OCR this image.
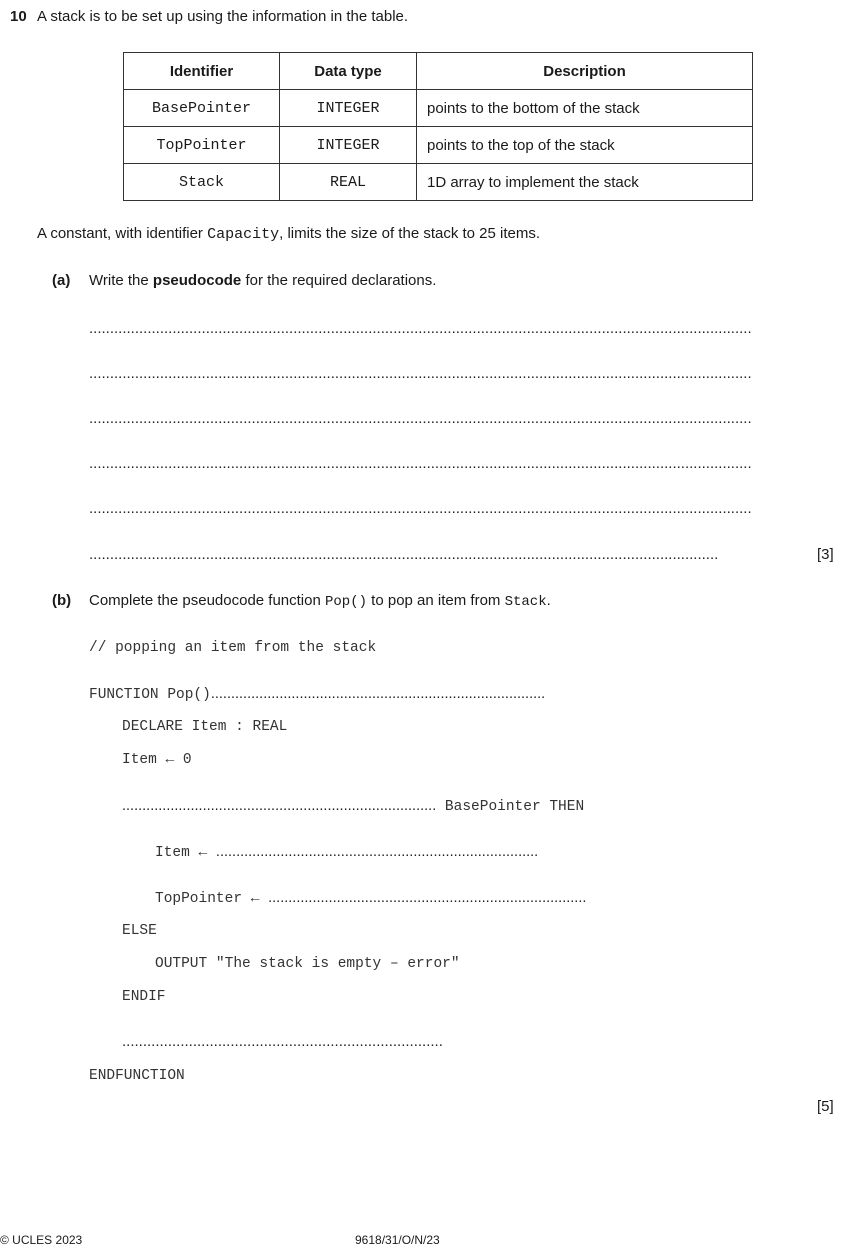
10 A stack is to be set up using the information in the table.
Identifier	Data type	Description
BasePointer	INTEGER	points to the bottom of the stack
TopPointer	INTEGER	points to the top of the stack
Stack	REAL	1D array to implement the stack
A constant, with identifier Capacity, limits the size of the stack to 25 items.
(a) Write the pseudocode for the required declarations.
...............................................................................................................................................................
...............................................................................................................................................................
...............................................................................................................................................................
...............................................................................................................................................................
...............................................................................................................................................................
.......................................................................................................................................................	[3]
(b) Complete the pseudocode function Pop() to pop an item from Stack.
// popping an item from the stack
FUNCTION Pop()...................................................................................
DECLARE Item : REAL
Item ← 0
.............................................................................. BasePointer THEN
Item ← ................................................................................
TopPointer ← ...............................................................................
ELSE
OUTPUT "The stack is empty – error"
ENDIF
.............................................................................
ENDFUNCTION
[5]
© UCLES 2023	9618/31/O/N/23
